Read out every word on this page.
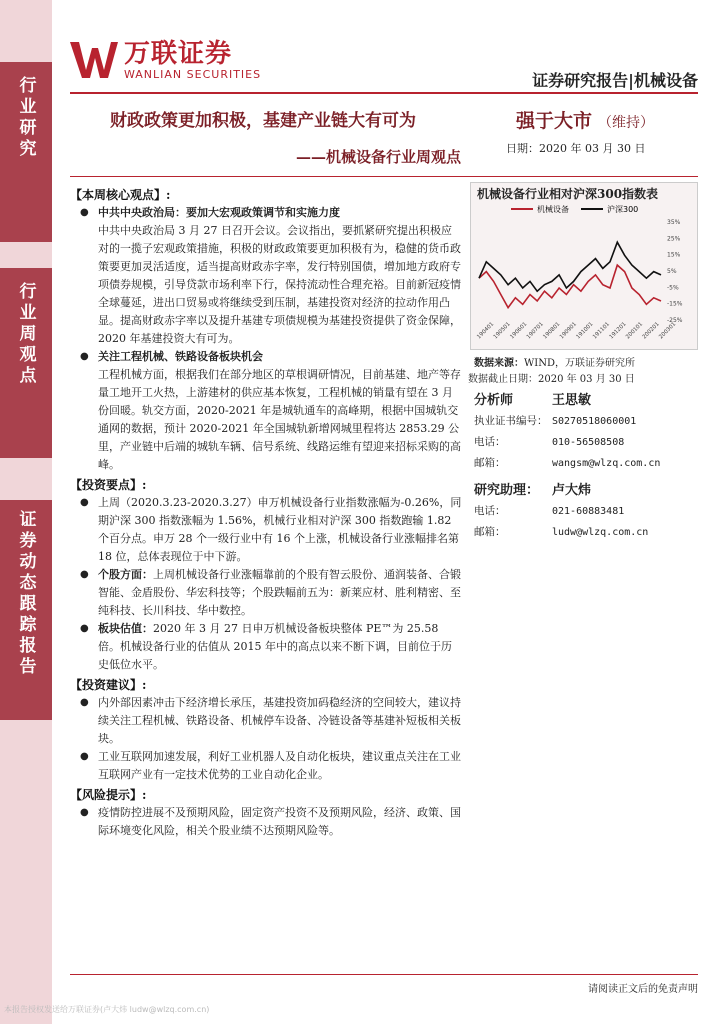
行业研究
行业周观点
证券动态跟踪报告
万联证券
WANLIAN SECURITIES	证券研究报告|机械设备
财政政策更加积极，基建产业链大有可为
——机械设备行业周观点
强于大市 （维持）
日期：2020 年 03 月 30 日
【本周核心观点】:
● 中共中央政治局：要加大宏观政策调节和实施力度
中共中央政治局 3 月 27 日召开会议。会议指出，要抓紧研究提出积极应对的一揽子宏观政策措施，积极的财政政策要更加积极有为，稳健的货币政策要更加灵活适度，适当提高财政赤字率，发行特别国债，增加地方政府专项债券规模，引导贷款市场利率下行，保持流动性合理充裕。目前新冠疫情全球蔓延，进出口贸易或将继续受到压制，基建投资对经济的拉动作用凸显。提高财政赤字率以及提升基建专项债规模为基建投资提供了资金保障，2020 年基建投资大有可为。
● 关注工程机械、铁路设备板块机会
工程机械方面，根据我们在部分地区的草根调研情况，目前基建、地产等存量工地开工火热，上游建材的供应基本恢复，工程机械的销量有望在 3 月份回暖。轨交方面，2020-2021 年是城轨通车的高峰期，根据中国城轨交通网的数据，预计 2020-2021 年全国城轨新增网城里程将达 2853.29 公里，产业链中后端的城轨车辆、信号系统、线路运维有望迎来招标采购的高峰。
【投资要点】:
● 上周（2020.3.23-2020.3.27）申万机械设备行业指数涨幅为-0.26%，同期沪深 300 指数涨幅为 1.56%，机械行业相对沪深 300 指数跑输 1.82 个百分点。申万 28 个一级行业中有 16 个上涨，机械设备行业涨幅排名第 18 位，总体表现位于中下游。
● 个股方面：上周机械设备行业涨幅靠前的个股有智云股份、通润装备、合锻智能、金盾股份、华宏科技等；个股跌幅前五为：新莱应材、胜利精密、至纯科技、长川科技、华中数控。
● 板块估值：2020 年 3 月 27 日申万机械设备板块整体 PE™为 25.58 倍。机械设备行业的估值从 2015 年中的高点以来不断下调，目前位于历史低位水平。
【投资建议】:
● 内外部因素冲击下经济增长承压，基建投资加码稳经济的空间较大，建议持续关注工程机械、铁路设备、机械停车设备、冷链设备等基建补短板相关板块。
● 工业互联网加速发展，利好工业机器人及自动化板块，建议重点关注在工业互联网产业有一定技术优势的工业自动化企业。
【风险提示】:
● 疫情防控进展不及预期风险，固定资产投资不及预期风险，经济、政策、国际环境变化风险，相关个股业绩不达预期风险等。
机械设备行业相对沪深300指数表
机械设备	沪深300
35%
25%
15%
5%
-5%
-15%
-25%
190401
190501
190601
190701
190801
190901
191001
191101
191201
200101
200201
200301
数据来源：WIND，万联证券研究所
数据截止日期：2020 年 03 月 30 日
分析师	王思敏
执业证书编号： S0270518060001
电话：	010-56508508
邮箱：	wangsm@wlzq.com.cn
研究助理： 卢大炜
电话：	021-60883481
邮箱：	ludw@wlzq.com.cn
请阅读正文后的免责声明
本报告授权发送给万联证券(卢大炜 ludw@wlzq.com.cn)
